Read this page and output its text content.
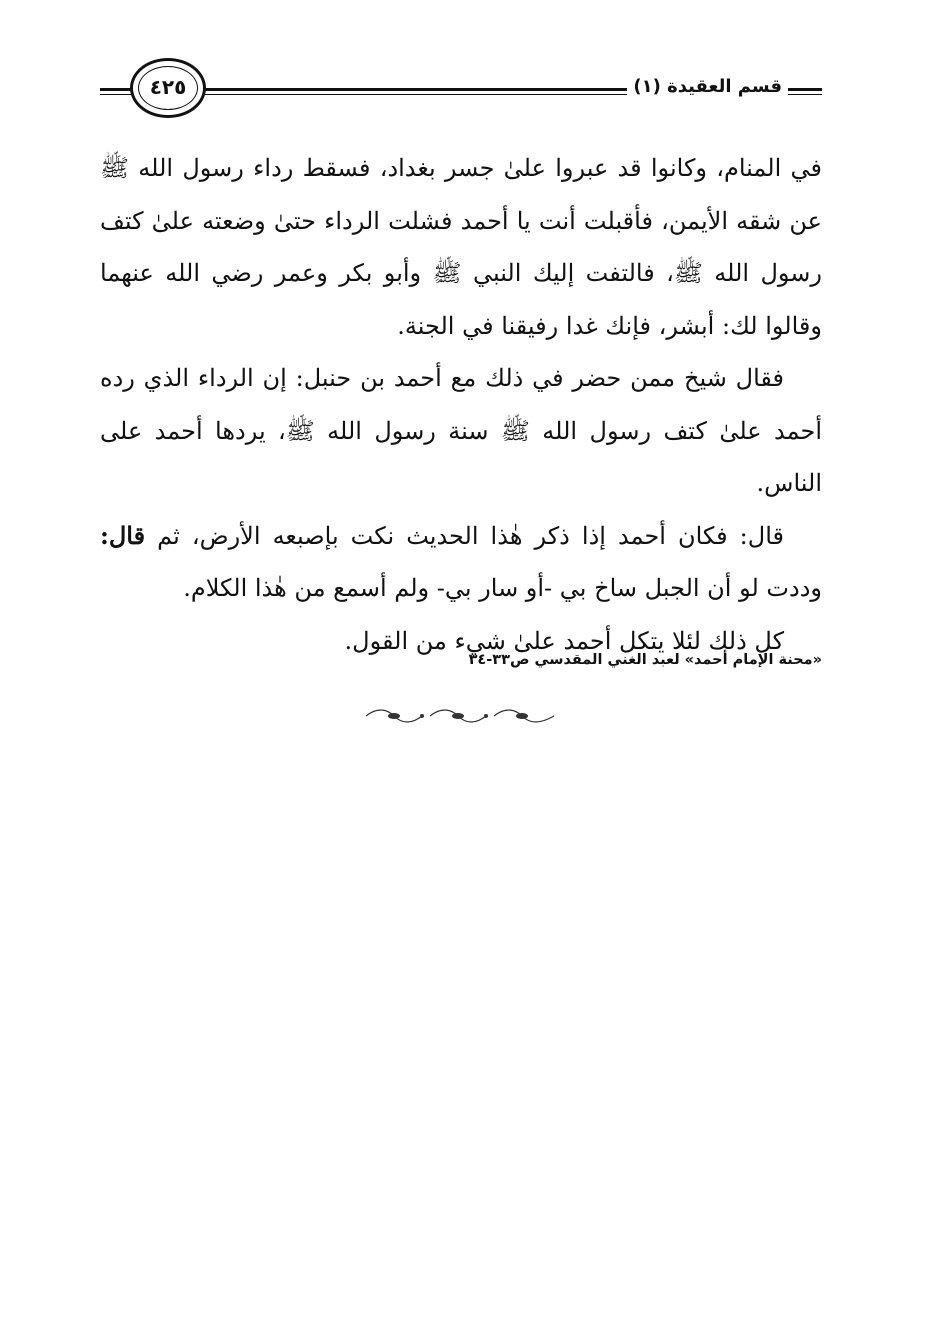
قسم العقيدة (١)
٤٢٥

في المنام، وكانوا قد عبروا علىٰ جسر بغداد، فسقط رداء رسول الله ﷺ عن شقه الأيمن، فأقبلت أنت يا أحمد فشلت الرداء حتىٰ وضعته علىٰ كتف رسول الله ﷺ، فالتفت إليك النبي ﷺ وأبو بكر وعمر رضي الله عنهما وقالوا لك: أبشر، فإنك غدا رفيقنا في الجنة.

فقال شيخ ممن حضر في ذلك مع أحمد بن حنبل: إن الرداء الذي رده أحمد علىٰ كتف رسول الله ﷺ سنة رسول الله ﷺ، يردها أحمد على الناس.

قال: فكان أحمد إذا ذكر هٰذا الحديث نكت بإصبعه الأرض، ثم قال: وددت لو أن الجبل ساخ بي -أو سار بي- ولم أسمع من هٰذا الكلام.

كل ذلك لئلا يتكل أحمد علىٰ شيء من القول.

«محنة الإمام أحمد» لعبد الغني المقدسي ص٣٣-٣٤
